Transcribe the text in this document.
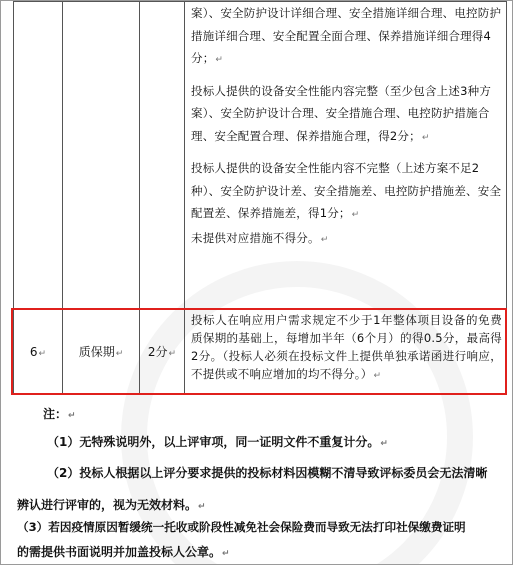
			案）、安全防护设计详细合理、安全措施详细合理、电控防护措施详细合理、安全配置全面合理、保养措施详细合理得4分；↵

投标人提供的设备安全性能内容完整（至少包含上述3种方案）、安全防护设计合理、安全措施合理、电控防护措施合理、安全配置合理、保养措施合理，得2分；↵

投标人提供的设备安全性能内容不完整（上述方案不足2种）、安全防护设计差、安全措施差、电控防护措施差、安全配置差、保养措施差，得1分；↵

未提供对应措施不得分。↵

6↵	质保期↵	2分↵	投标人在响应用户需求规定不少于1年整体项目设备的免费质保期的基础上，每增加半年（6个月）的得0.5分，最高得2分。（投标人必须在投标文件上提供单独承诺函进行响应，不提供或不响应增加的均不得分。）↵
注：↵
（1）无特殊说明外，以上评审项，同一证明文件不重复计分。↵
（2）投标人根据以上评分要求提供的投标材料因模糊不清导致评标委员会无法清晰
辨认进行评审的，视为无效材料。↵
（3）若因疫情原因暂缓统一托收或阶段性减免社会保险费而导致无法打印社保缴费证明
的需提供书面说明并加盖投标人公章。↵
